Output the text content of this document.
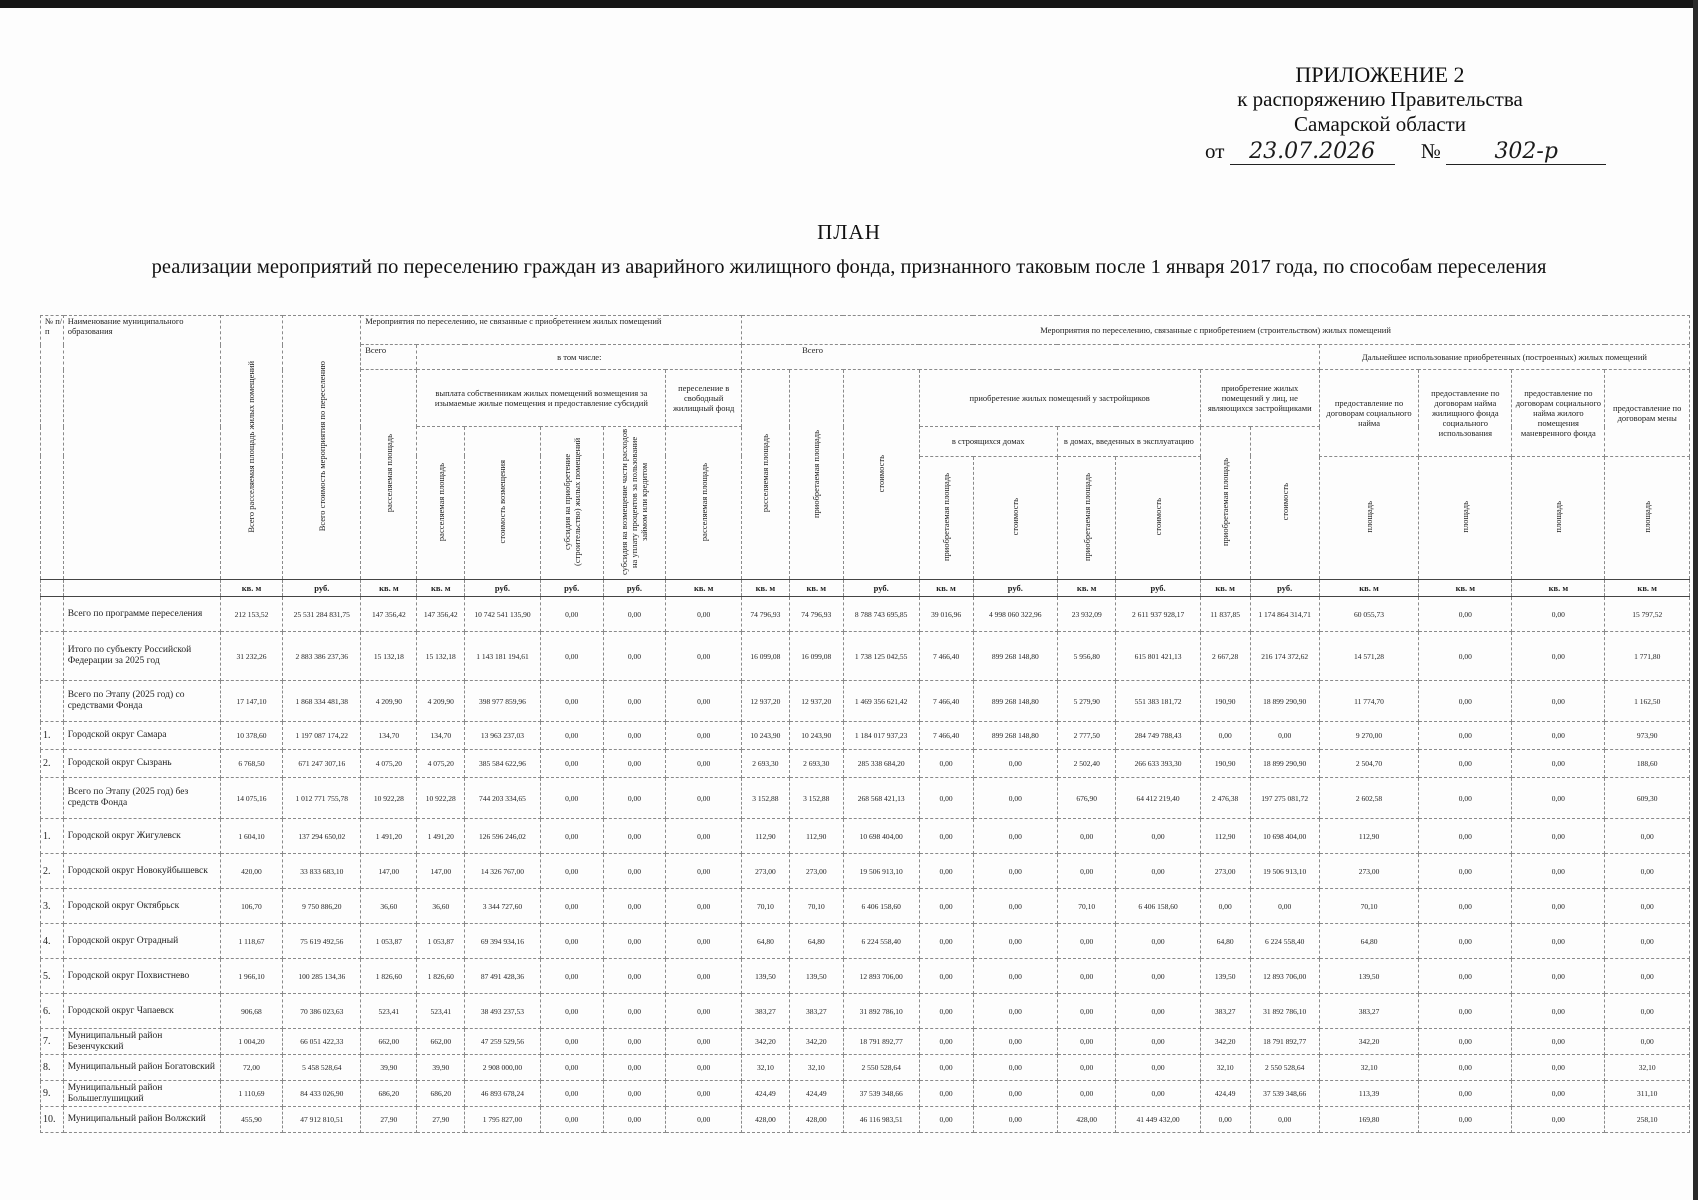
ПРИЛОЖЕНИЕ 2
к распоряжению Правительства
Самарской области
от 23.07.2026 № 302-р
ПЛАН
реализации мероприятий по переселению граждан из аварийного жилищного фонда, признанного таковым после 1 января 2017 года, по способам переселения
№ п/п	Наименование муниципального образования	Всего расселяемая площадь жилых помещений	Всего стоимость мероприятия по переселению	Мероприятия по переселению, не связанные с приобретением жилых помещений						Мероприятия по переселению, связанные с приобретением (строительством) жилых помещений												
				Всего	в том числе:					Всего									Дальнейшее использование приобретенных (построенных) жилых помещений			
				расселяемая площадь	выплата собственникам жилых помещений возмещения за изымаемые жилые помещения и предоставление субсидий				переселение в свободный жилищный фонд	расселяемая площадь	приобретаемая площадь	стоимость	приобретение жилых помещений у застройщиков				приобретение жилых помещений у лиц, не являющихся застройщиками		предоставление по договорам социального найма	предоставление по договорам найма жилищного фонда социального использования	предоставление по договорам социального найма жилого помещения маневренного фонда	предоставление по договорам мены
					расселяемая площадь	стоимость возмещения	субсидия на приобретение (строительство) жилых помещений	субсидия на возмещение части расходов на уплату процентов за пользование займом или кредитом	расселяемая площадь				в строящихся домах		в домах, введенных в эксплуатацию		приобретаемая площадь	стоимость				
													приобретаемая площадь	стоимость	приобретаемая площадь	стоимость			площадь	площадь	площадь	площадь
		кв. м	руб.	кв. м	кв. м	руб.	руб.	руб.	кв. м	кв. м	кв. м	руб.	кв. м	руб.	кв. м	руб.	кв. м	руб.	кв. м	кв. м	кв. м	кв. м
	Всего по программе переселения	212 153,52	25 531 284 831,75	147 356,42	147 356,42	10 742 541 135,90	0,00	0,00	0,00	74 796,93	74 796,93	8 788 743 695,85	39 016,96	4 998 060 322,96	23 932,09	2 611 937 928,17	11 837,85	1 174 864 314,71	60 055,73	0,00	0,00	15 797,52
	Итого по субъекту Российской Федерации за 2025 год	31 232,26	2 883 386 237,36	15 132,18	15 132,18	1 143 181 194,61	0,00	0,00	0,00	16 099,08	16 099,08	1 738 125 042,55	7 466,40	899 268 148,80	5 956,80	615 801 421,13	2 667,28	216 174 372,62	14 571,28	0,00	0,00	1 771,80
	Всего по Этапу (2025 год) со средствами Фонда	17 147,10	1 868 334 481,38	4 209,90	4 209,90	398 977 859,96	0,00	0,00	0,00	12 937,20	12 937,20	1 469 356 621,42	7 466,40	899 268 148,80	5 279,90	551 383 181,72	190,90	18 899 290,90	11 774,70	0,00	0,00	1 162,50
1.	Городской округ Самара	10 378,60	1 197 087 174,22	134,70	134,70	13 963 237,03	0,00	0,00	0,00	10 243,90	10 243,90	1 184 017 937,23	7 466,40	899 268 148,80	2 777,50	284 749 788,43	0,00	0,00	9 270,00	0,00	0,00	973,90
2.	Городской округ Сызрань	6 768,50	671 247 307,16	4 075,20	4 075,20	385 584 622,96	0,00	0,00	0,00	2 693,30	2 693,30	285 338 684,20	0,00	0,00	2 502,40	266 633 393,30	190,90	18 899 290,90	2 504,70	0,00	0,00	188,60
	Всего по Этапу (2025 год) без средств Фонда	14 075,16	1 012 771 755,78	10 922,28	10 922,28	744 203 334,65	0,00	0,00	0,00	3 152,88	3 152,88	268 568 421,13	0,00	0,00	676,90	64 412 219,40	2 476,38	197 275 081,72	2 602,58	0,00	0,00	609,30
1.	Городской округ Жигулевск	1 604,10	137 294 650,02	1 491,20	1 491,20	126 596 246,02	0,00	0,00	0,00	112,90	112,90	10 698 404,00	0,00	0,00	0,00	0,00	112,90	10 698 404,00	112,90	0,00	0,00	0,00
2.	Городской округ Новокуйбышевск	420,00	33 833 683,10	147,00	147,00	14 326 767,00	0,00	0,00	0,00	273,00	273,00	19 506 913,10	0,00	0,00	0,00	0,00	273,00	19 506 913,10	273,00	0,00	0,00	0,00
3.	Городской округ Октябрьск	106,70	9 750 886,20	36,60	36,60	3 344 727,60	0,00	0,00	0,00	70,10	70,10	6 406 158,60	0,00	0,00	70,10	6 406 158,60	0,00	0,00	70,10	0,00	0,00	0,00
4.	Городской округ Отрадный	1 118,67	75 619 492,56	1 053,87	1 053,87	69 394 934,16	0,00	0,00	0,00	64,80	64,80	6 224 558,40	0,00	0,00	0,00	0,00	64,80	6 224 558,40	64,80	0,00	0,00	0,00
5.	Городской округ Похвистнево	1 966,10	100 285 134,36	1 826,60	1 826,60	87 491 428,36	0,00	0,00	0,00	139,50	139,50	12 893 706,00	0,00	0,00	0,00	0,00	139,50	12 893 706,00	139,50	0,00	0,00	0,00
6.	Городской округ Чапаевск	906,68	70 386 023,63	523,41	523,41	38 493 237,53	0,00	0,00	0,00	383,27	383,27	31 892 786,10	0,00	0,00	0,00	0,00	383,27	31 892 786,10	383,27	0,00	0,00	0,00
7.	Муниципальный район Безенчукский	1 004,20	66 051 422,33	662,00	662,00	47 259 529,56	0,00	0,00	0,00	342,20	342,20	18 791 892,77	0,00	0,00	0,00	0,00	342,20	18 791 892,77	342,20	0,00	0,00	0,00
8.	Муниципальный район Богатовский	72,00	5 458 528,64	39,90	39,90	2 908 000,00	0,00	0,00	0,00	32,10	32,10	2 550 528,64	0,00	0,00	0,00	0,00	32,10	2 550 528,64	32,10	0,00	0,00	32,10
9.	Муниципальный район Большеглушицкий	1 110,69	84 433 026,90	686,20	686,20	46 893 678,24	0,00	0,00	0,00	424,49	424,49	37 539 348,66	0,00	0,00	0,00	0,00	424,49	37 539 348,66	113,39	0,00	0,00	311,10
10.	Муниципальный район Волжский	455,90	47 912 810,51	27,90	27,90	1 795 827,00	0,00	0,00	0,00	428,00	428,00	46 116 983,51	0,00	0,00	428,00	41 449 432,00	0,00	0,00	169,80	0,00	0,00	258,10
